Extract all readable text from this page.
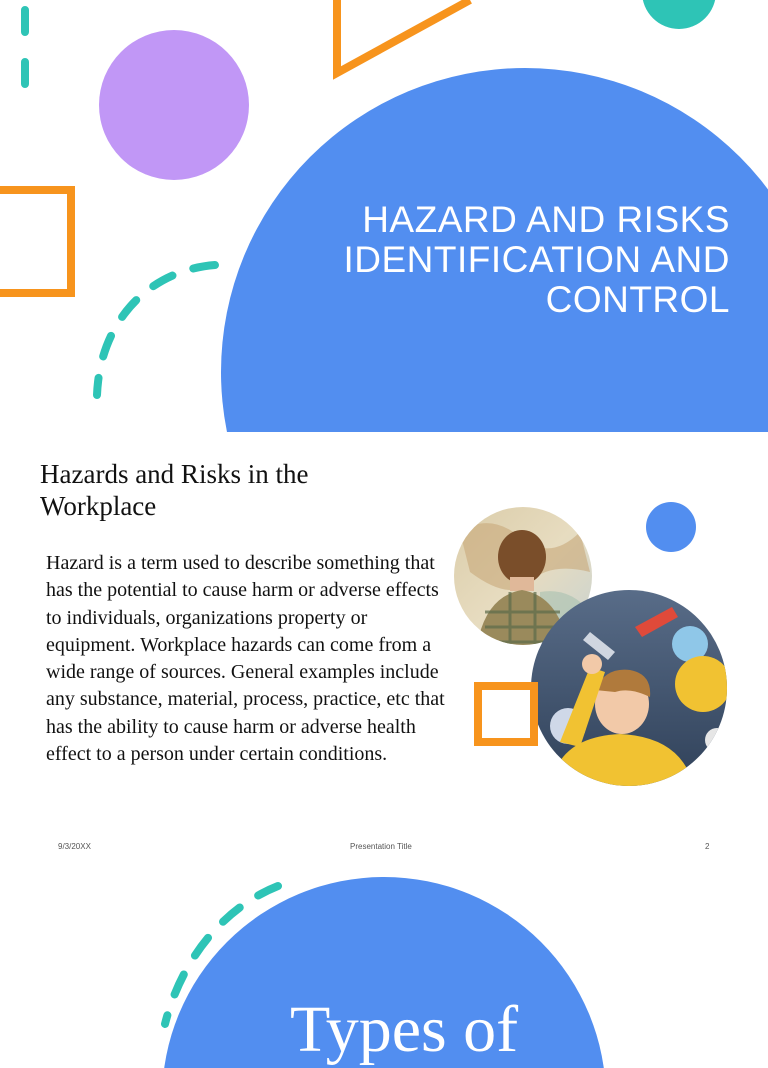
HAZARD AND RISKS IDENTIFICATION AND CONTROL
Hazards and Risks in the Workplace
Hazard is a term used to describe something that has the potential to cause harm or adverse effects to individuals, organizations property or equipment. Workplace hazards can come from a wide range of sources. General examples include any substance, material, process, practice, etc that has the ability to cause harm or adverse health effect to a person under certain conditions.
9/3/20XX	Presentation Title	2
Types of
